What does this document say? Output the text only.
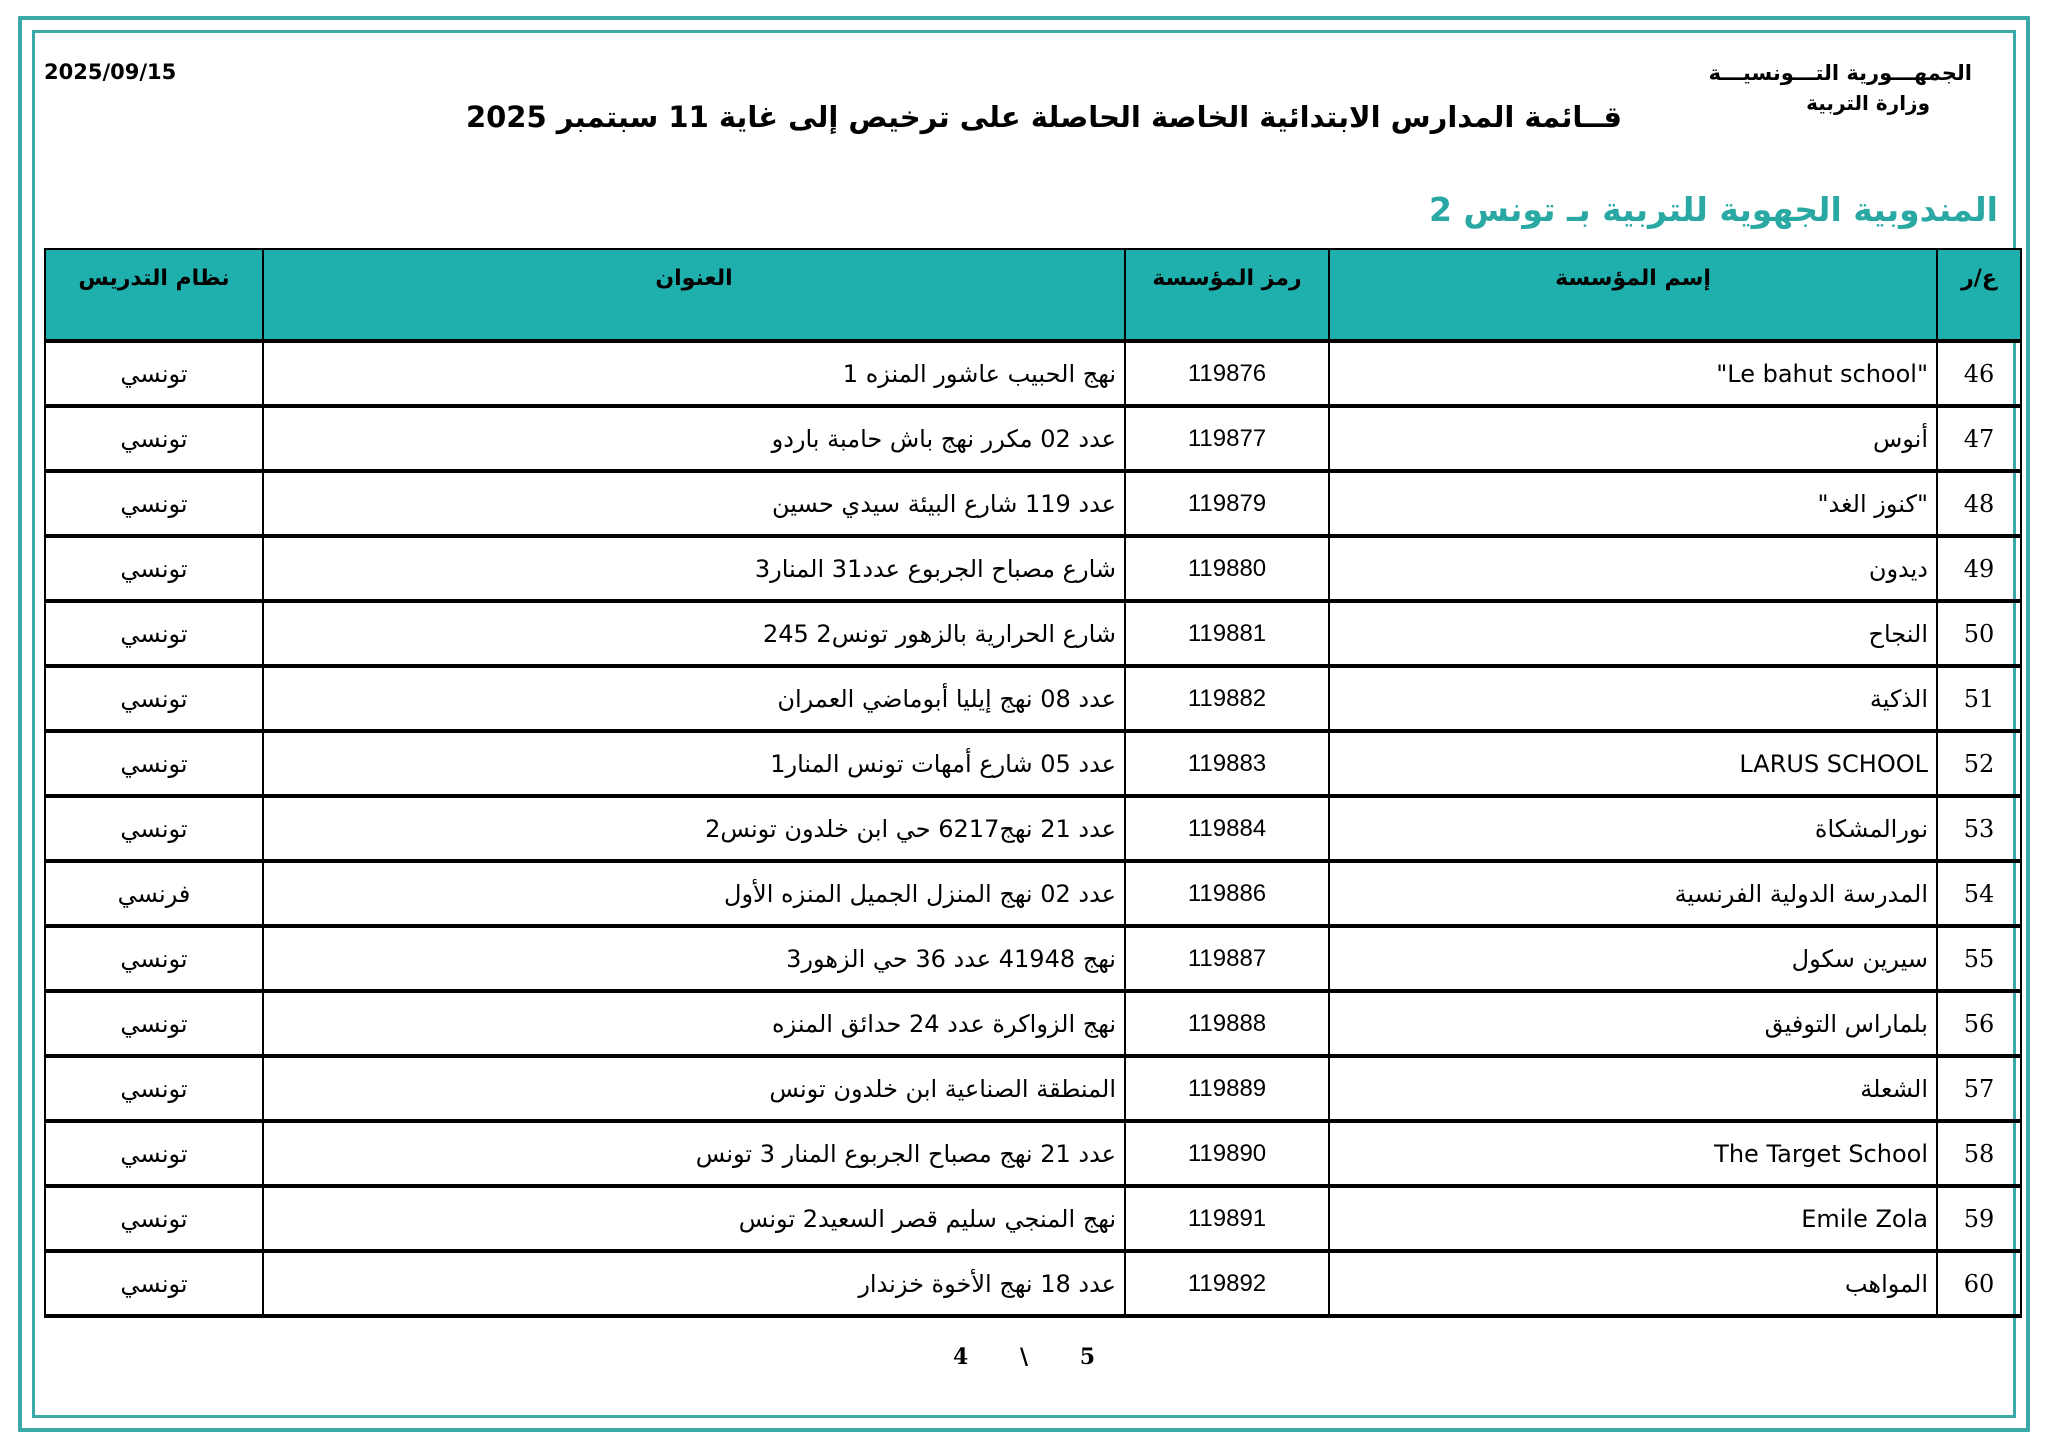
الجمهـــورية التـــونسيـــة
وزارة التربية
2025/09/15
قــائمة المدارس الابتدائية الخاصة الحاصلة على ترخيص إلى غاية 11 سبتمبر 2025
المندوبية الجهوية للتربية بـ تونس 2
ع/ر	إسم المؤسسة	رمز المؤسسة	العنوان	نظام التدريس
46	"Le bahut school"	119876	نهج الحبيب عاشور المنزه 1	تونسي
47	أنوس	119877	عدد 02 مكرر نهج باش حامبة باردو	تونسي
48	"كنوز الغد"	119879	عدد 119 شارع البيئة سيدي حسين	تونسي
49	ديدون	119880	شارع مصباح الجربوع عدد31 المنار3	تونسي
50	النجاح	119881	شارع الحرارية بالزهور تونس2 245	تونسي
51	الذكية	119882	عدد 08 نهج إيليا أبوماضي العمران	تونسي
52	LARUS SCHOOL	119883	عدد 05 شارع أمهات تونس المنار1	تونسي
53	نورالمشكاة	119884	عدد 21 نهج6217 حي ابن خلدون تونس2	تونسي
54	المدرسة الدولية الفرنسية	119886	عدد 02 نهج المنزل الجميل المنزه الأول	فرنسي
55	سيرين سكول	119887	نهج 41948 عدد 36 حي الزهور3	تونسي
56	بلماراس التوفيق	119888	نهج الزواكرة عدد 24 حدائق المنزه	تونسي
57	الشعلة	119889	المنطقة الصناعية ابن خلدون تونس	تونسي
58	The Target School	119890	عدد 21 نهج مصباح الجربوع المنار 3 تونس	تونسي
59	Emile Zola	119891	نهج المنجي سليم قصر السعيد2 تونس	تونسي
60	المواهب	119892	عدد 18 نهج الأخوة خزندار	تونسي
4 \ 5
